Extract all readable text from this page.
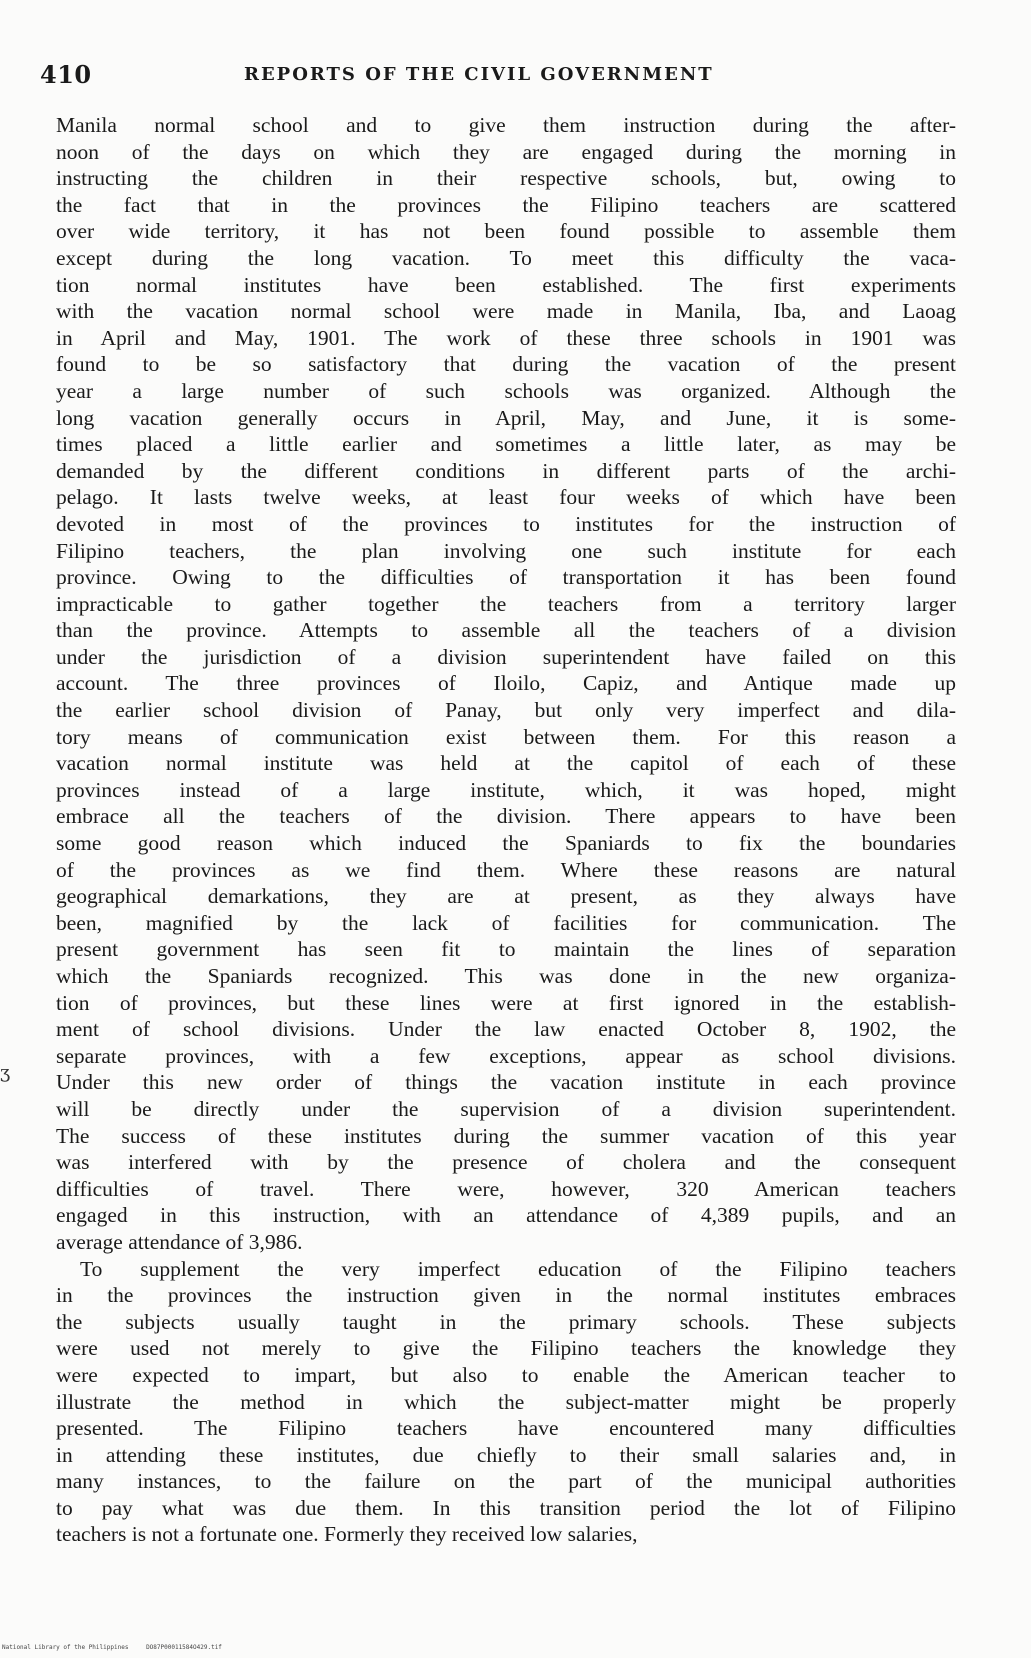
410	REPORTS OF THE CIVIL GOVERNMENT
Manila normal school and to give them instruction during the after-
noon of the days on which they are engaged during the morning in
instructing the children in their respective schools, but, owing to
the fact that in the provinces the Filipino teachers are scattered
over wide territory, it has not been found possible to assemble them
except during the long vacation. To meet this difficulty the vaca-
tion normal institutes have been established. The first experiments
with the vacation normal school were made in Manila, Iba, and Laoag
in April and May, 1901. The work of these three schools in 1901 was
found to be so satisfactory that during the vacation of the present
year a large number of such schools was organized. Although the
long vacation generally occurs in April, May, and June, it is some-
times placed a little earlier and sometimes a little later, as may be
demanded by the different conditions in different parts of the archi-
pelago. It lasts twelve weeks, at least four weeks of which have been
devoted in most of the provinces to institutes for the instruction of
Filipino teachers, the plan involving one such institute for each
province. Owing to the difficulties of transportation it has been found
impracticable to gather together the teachers from a territory larger
than the province. Attempts to assemble all the teachers of a division
under the jurisdiction of a division superintendent have failed on this
account. The three provinces of Iloilo, Capiz, and Antique made up
the earlier school division of Panay, but only very imperfect and dila-
tory means of communication exist between them. For this reason a
vacation normal institute was held at the capitol of each of these
provinces instead of a large institute, which, it was hoped, might
embrace all the teachers of the division. There appears to have been
some good reason which induced the Spaniards to fix the boundaries
of the provinces as we find them. Where these reasons are natural
geographical demarkations, they are at present, as they always have
been, magnified by the lack of facilities for communication. The
present government has seen fit to maintain the lines of separation
which the Spaniards recognized. This was done in the new organiza-
tion of provinces, but these lines were at first ignored in the establish-
ment of school divisions. Under the law enacted October 8, 1902, the
separate provinces, with a few exceptions, appear as school divisions.
Under this new order of things the vacation institute in each province
will be directly under the supervision of a division superintendent.
The success of these institutes during the summer vacation of this year
was interfered with by the presence of cholera and the consequent
difficulties of travel. There were, however, 320 American teachers
engaged in this instruction, with an attendance of 4,389 pupils, and an
average attendance of 3,986.
To supplement the very imperfect education of the Filipino teachers
in the provinces the instruction given in the normal institutes embraces
the subjects usually taught in the primary schools. These subjects
were used not merely to give the Filipino teachers the knowledge they
were expected to impart, but also to enable the American teacher to
illustrate the method in which the subject-matter might be properly
presented. The Filipino teachers have encountered many difficulties
in attending these institutes, due chiefly to their small salaries and, in
many instances, to the failure on the part of the municipal authorities
to pay what was due them. In this transition period the lot of Filipino
teachers is not a fortunate one. Formerly they received low salaries,
ʒ
National Library of the Philippines	DO87P00011584O429.tif
